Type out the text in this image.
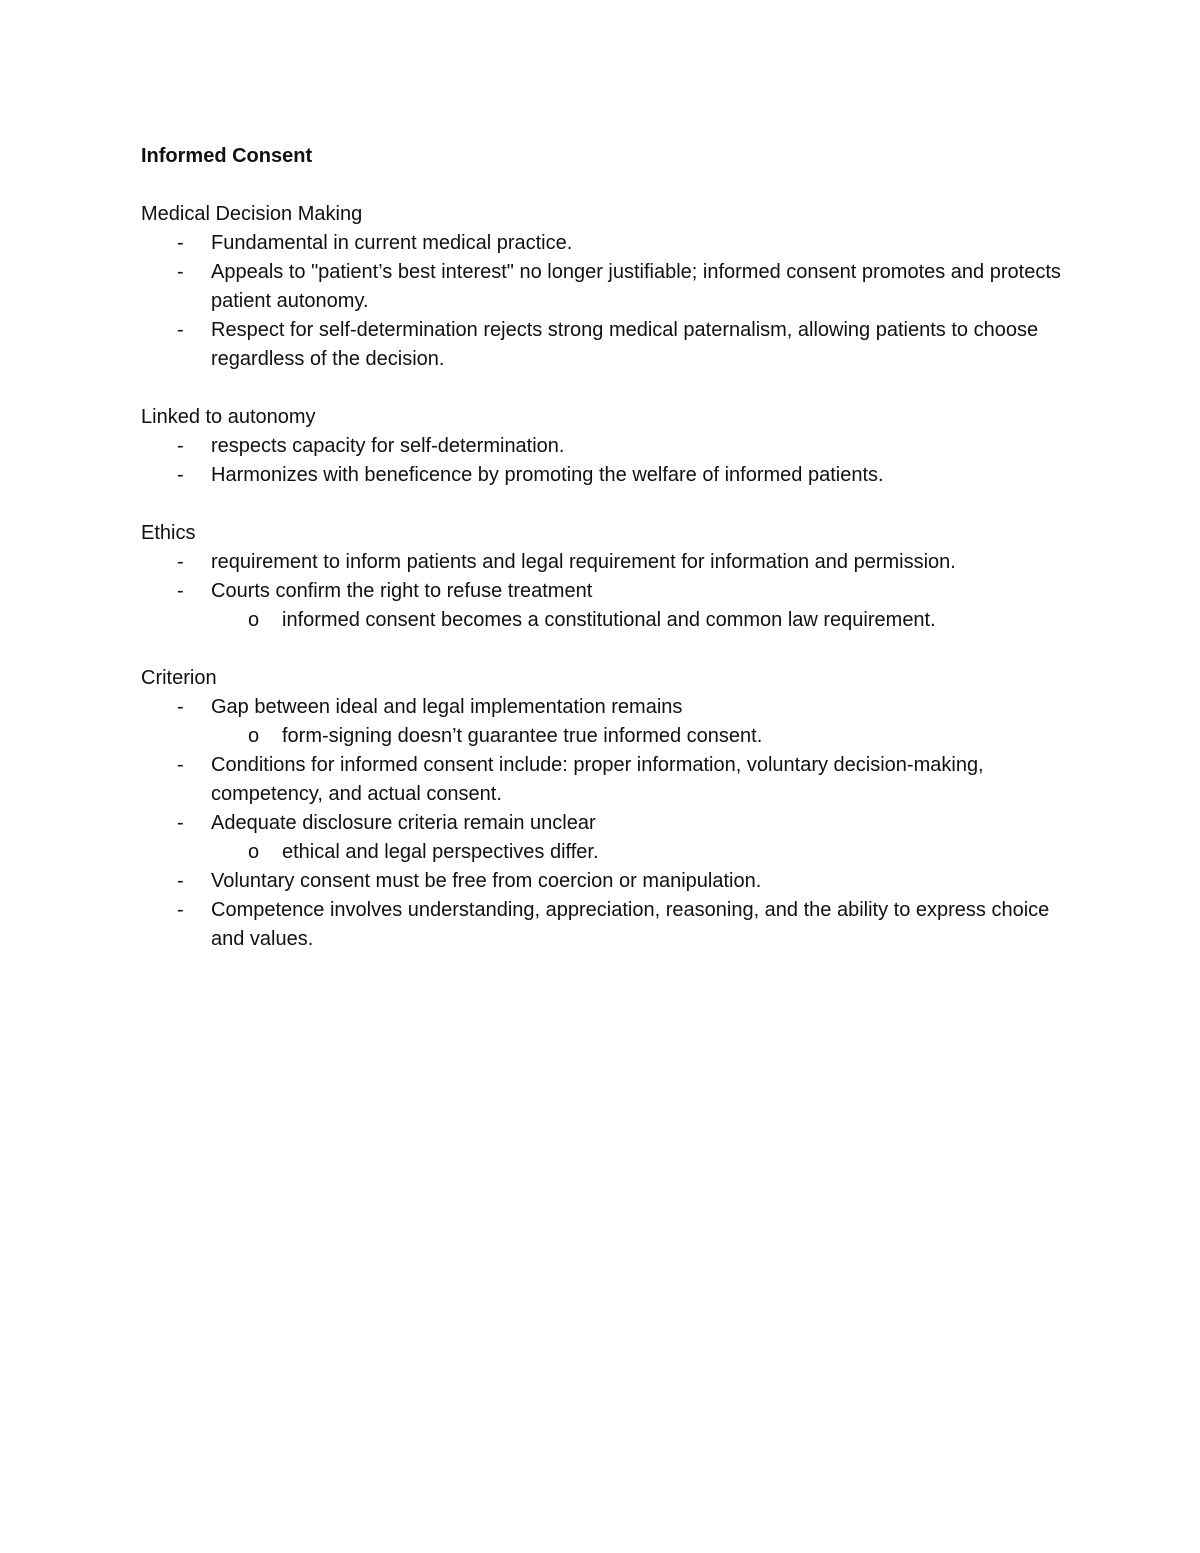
Informed Consent

Medical Decision Making

- Fundamental in current medical practice.
- Appeals to "patient’s best interest" no longer justifiable; informed consent promotes and protects patient autonomy.
- Respect for self-determination rejects strong medical paternalism, allowing patients to choose regardless of the decision.

Linked to autonomy

- respects capacity for self-determination.
- Harmonizes with beneficence by promoting the welfare of informed patients.

Ethics

- requirement to inform patients and legal requirement for information and permission.
- Courts confirm the right to refuse treatment
o informed consent becomes a constitutional and common law requirement.

Criterion

- Gap between ideal and legal implementation remains
o form-signing doesn’t guarantee true informed consent.
- Conditions for informed consent include: proper information, voluntary decision-making, competency, and actual consent.
- Adequate disclosure criteria remain unclear
o ethical and legal perspectives differ.
- Voluntary consent must be free from coercion or manipulation.
- Competence involves understanding, appreciation, reasoning, and the ability to express choice and values.
